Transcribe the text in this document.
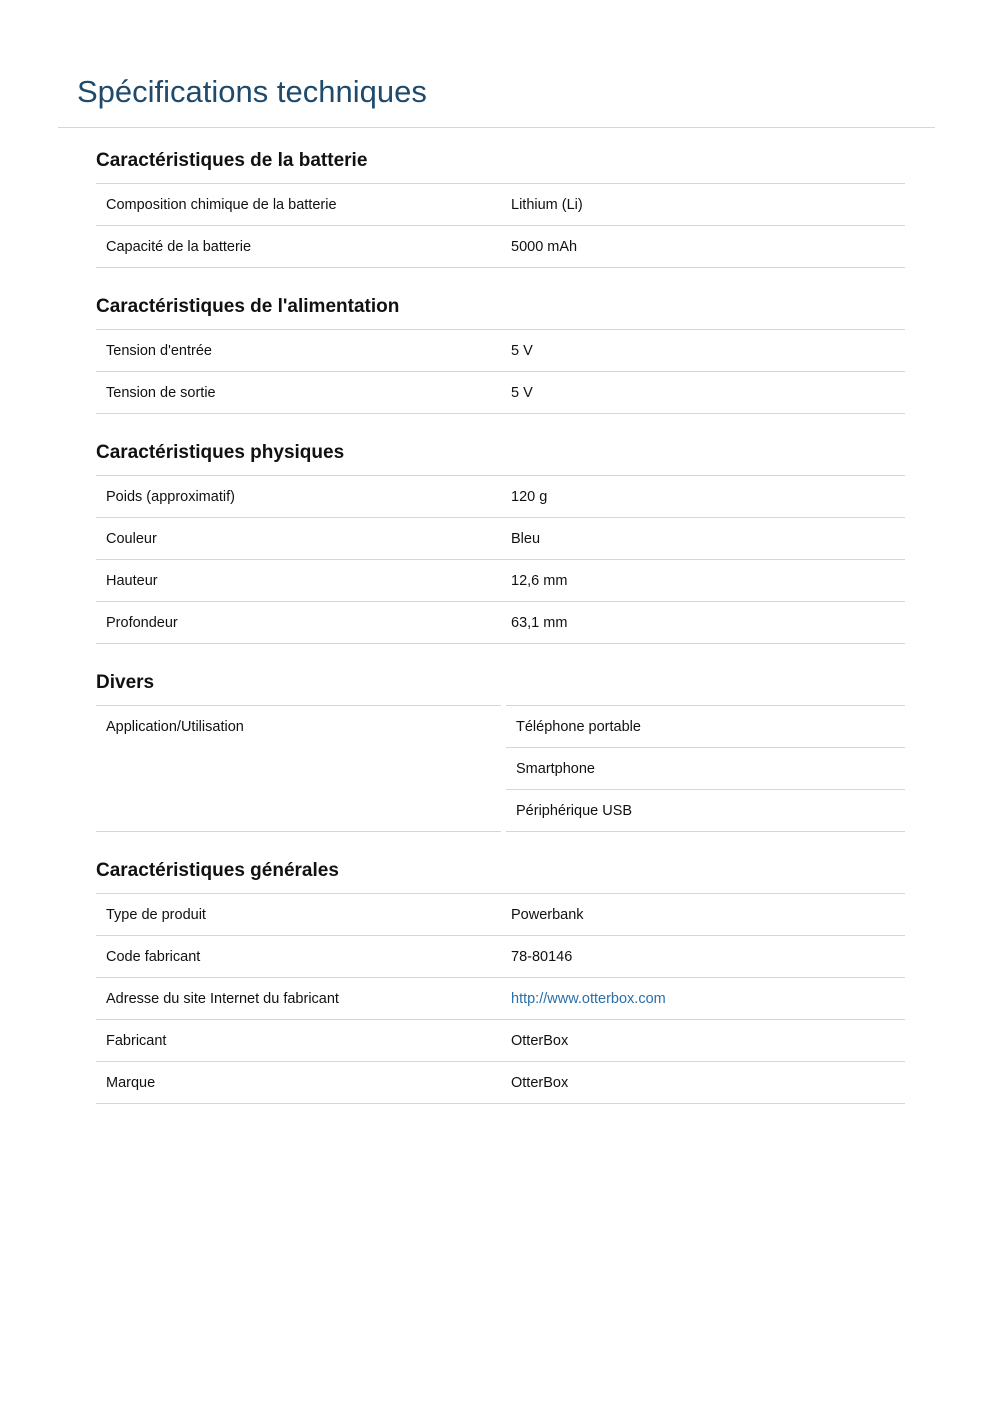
Spécifications techniques
Caractéristiques de la batterie
Composition chimique de la batterie	Lithium (Li)
Capacité de la batterie	5000 mAh
Caractéristiques de l'alimentation
Tension d'entrée	5 V
Tension de sortie	5 V
Caractéristiques physiques
Poids (approximatif)	120 g
Couleur	Bleu
Hauteur	12,6 mm
Profondeur	63,1 mm
Divers
Application/Utilisation	Téléphone portable
Smartphone
Périphérique USB
Caractéristiques générales
Type de produit	Powerbank
Code fabricant	78-80146
Adresse du site Internet du fabricant	http://www.otterbox.com
Fabricant	OtterBox
Marque	OtterBox
